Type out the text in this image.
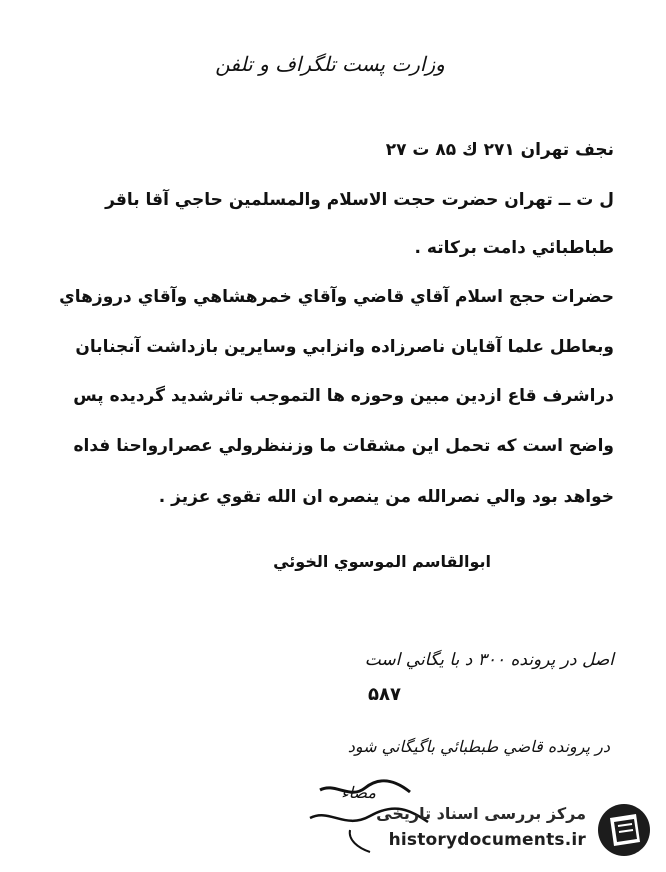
وزارت پست تلگراف و تلفن
نجف تهران ۲۷۱ ك ۸۵ ت ۲۷
ل ت ــ تهران حضرت حجت الاسلام والمسلمين حاجي آقا باقر
طباطبائي دامت بركاته .
حضرات حجج اسلام آقاي قاضي وآقاي خمرهشاهي وآقاي دروزهاي
وبعاطل علما آقايان ناصرزاده وانزابي وسايرين بازداشت آنجنابان
دراشرف قاع ازدين مبين وحوزه ها التموجب تاثرشديد گرديده پس
واضح است كه تحمل اين مشقات ما وزننظرولي عصرارواحنا فداه
خواهد بود والي نصرالله من ينصره ان الله تقوي عزيز .
ابوالقاسم الموسوي الخوئي
اصل در پرونده ۳۰۰ د با يگاني است
۵۸۷
در پرونده قاضي طبطبائي باگيگاني شود
مضاء
مرکز بررسی اسناد تاریخی
historydocuments.ir
